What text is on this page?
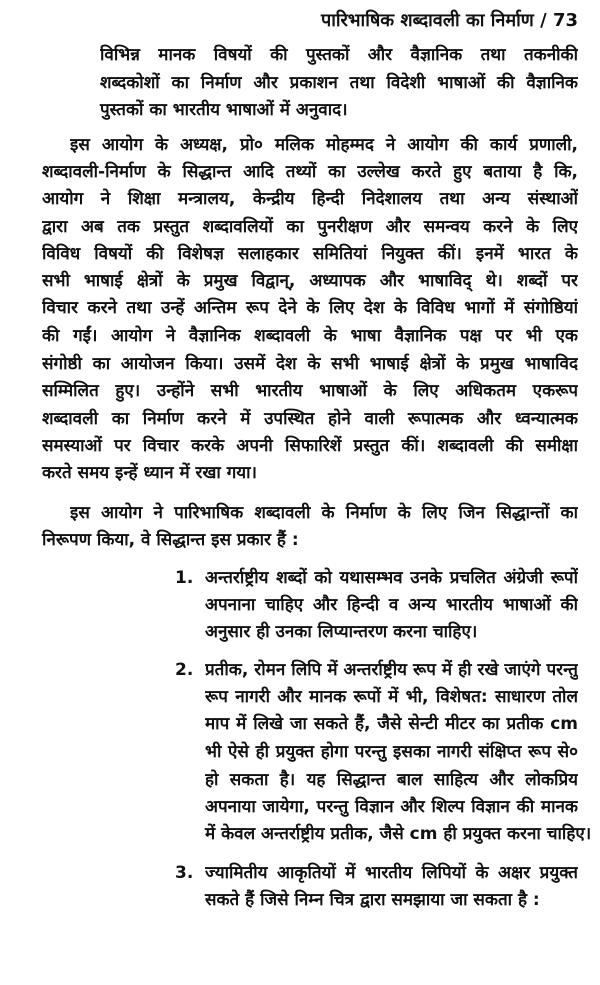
पारिभाषिक शब्दावली का निर्माण / 73
विभिन्न मानक विषयों की पुस्तकों और वैज्ञानिक तथा तकनीकी
शब्दकोशों का निर्माण और प्रकाशन तथा विदेशी भाषाओं की वैज्ञानिक
पुस्तकों का भारतीय भाषाओं में अनुवाद।
इस आयोग के अध्यक्ष, प्रो० मलिक मोहम्मद ने आयोग की कार्य प्रणाली,
शब्दावली-निर्माण के सिद्धान्त आदि तथ्यों का उल्लेख करते हुए बताया है कि,
आयोग ने शिक्षा मन्त्रालय, केन्द्रीय हिन्दी निदेशालय तथा अन्य संस्थाओं
द्वारा अब तक प्रस्तुत शब्दावलियों का पुनरीक्षण और समन्वय करने के लिए
विविध विषयों की विशेषज्ञ सलाहकार समितियां नियुक्त कीं। इनमें भारत के
सभी भाषाई क्षेत्रों के प्रमुख विद्वान्, अध्यापक और भाषाविद् थे। शब्दों पर
विचार करने तथा उन्हें अन्तिम रूप देने के लिए देश के विविध भागों में संगोष्ठियां
की गईं। आयोग ने वैज्ञानिक शब्दावली के भाषा वैज्ञानिक पक्ष पर भी एक
संगोष्ठी का आयोजन किया। उसमें देश के सभी भाषाई क्षेत्रों के प्रमुख भाषाविद
सम्मिलित हुए। उन्होंने सभी भारतीय भाषाओं के लिए अधिकतम एकरूप
शब्दावली का निर्माण करने में उपस्थित होने वाली रूपात्मक और ध्वन्यात्मक
समस्याओं पर विचार करके अपनी सिफारिशें प्रस्तुत कीं। शब्दावली की समीक्षा
करते समय इन्हें ध्यान में रखा गया।
इस आयोग ने पारिभाषिक शब्दावली के निर्माण के लिए जिन सिद्धान्तों का
निरूपण किया, वे सिद्धान्त इस प्रकार हैं :
1. अन्तर्राष्ट्रीय शब्दों को यथासम्भव उनके प्रचलित अंग्रेजी रूपों
अपनाना चाहिए और हिन्दी व अन्य भारतीय भाषाओं की
अनुसार ही उनका लिप्यान्तरण करना चाहिए।
2. प्रतीक, रोमन लिपि में अन्तर्राष्ट्रीय रूप में ही रखे जाएंगे परन्तु
रूप नागरी और मानक रूपों में भी, विशेषत: साधारण तोल
माप में लिखे जा सकते हैं, जैसे सेन्टी मीटर का प्रतीक cm
भी ऐसे ही प्रयुक्त होगा परन्तु इसका नागरी संक्षिप्त रूप से०
हो सकता है। यह सिद्धान्त बाल साहित्य और लोकप्रिय
अपनाया जायेगा, परन्तु विज्ञान और शिल्प विज्ञान की मानक
में केवल अन्तर्राष्ट्रीय प्रतीक, जैसे cm ही प्रयुक्त करना चाहिए।
3. ज्यामितीय आकृतियों में भारतीय लिपियों के अक्षर प्रयुक्त
सकते हैं जिसे निम्न चित्र द्वारा समझाया जा सकता है :
